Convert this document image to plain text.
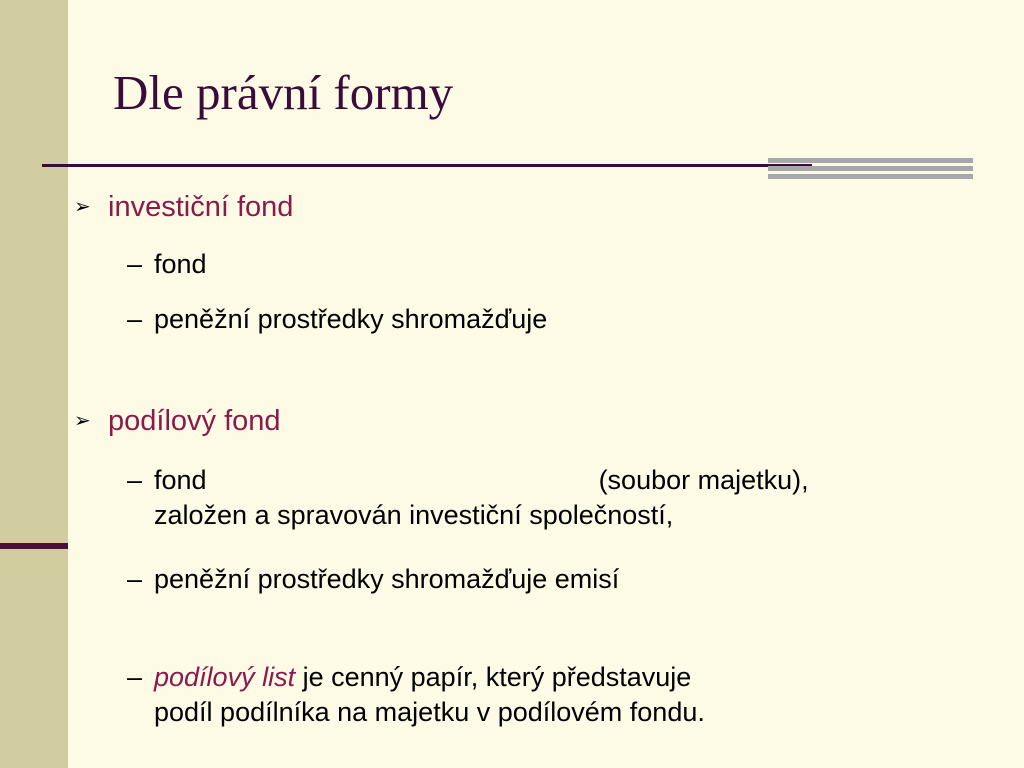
Dle právní formy
➢ investiční fond
– fond
– peněžní prostředky shromažďuje
➢ podílový fond
– fond	(soubor majetku),
založen a spravován investiční společností,
– peněžní prostředky shromažďuje emisí
– podílový list je cenný papír, který představuje
podíl podílníka na majetku v podílovém fondu.
